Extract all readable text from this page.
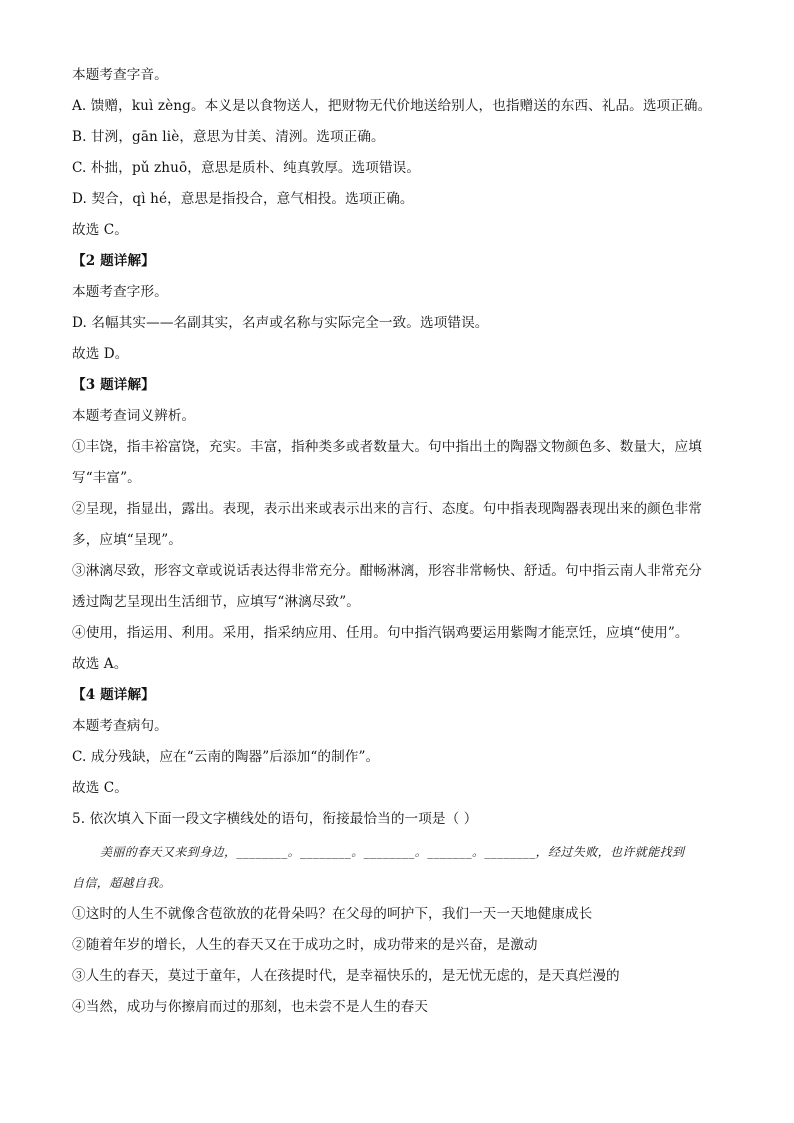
本题考查字音。
A. 馈赠，kuì zèng。本义是以食物送人，把财物无代价地送给别人，也指赠送的东西、礼品。选项正确。
B. 甘洌，gān liè，意思为甘美、清洌。选项正确。
C. 朴拙，pǔ zhuō，意思是质朴、纯真敦厚。选项错误。
D. 契合，qì hé，意思是指投合，意气相投。选项正确。
故选 C。
【2 题详解】
本题考查字形。
D. 名幅其实——名副其实，名声或名称与实际完全一致。选项错误。
故选 D。
【3 题详解】
本题考查词义辨析。
①丰饶，指丰裕富饶，充实。丰富，指种类多或者数量大。句中指出土的陶器文物颜色多、数量大，应填
写“丰富”。
②呈现，指显出，露出。表现，表示出来或表示出来的言行、态度。句中指表现陶器表现出来的颜色非常
多，应填“呈现”。
③淋漓尽致，形容文章或说话表达得非常充分。酣畅淋漓，形容非常畅快、舒适。句中指云南人非常充分
透过陶艺呈现出生活细节，应填写“淋漓尽致”。
④使用，指运用、利用。采用，指采纳应用、任用。句中指汽锅鸡要运用紫陶才能烹饪，应填“使用”。
故选 A。
【4 题详解】
本题考查病句。
C. 成分残缺，应在“云南的陶器”后添加“的制作”。
故选 C。
5. 依次填入下面一段文字横线处的语句，衔接最恰当的一项是（ ）
美丽的春天又来到身边，________。________。________。_______。________，经过失败，也许就能找到
自信，超越自我。
①这时的人生不就像含苞欲放的花骨朵吗？在父母的呵护下，我们一天一天地健康成长
②随着年岁的增长，人生的春天又在于成功之时，成功带来的是兴奋，是激动
③人生的春天，莫过于童年，人在孩提时代，是幸福快乐的，是无忧无虑的，是天真烂漫的
④当然，成功与你擦肩而过的那刻，也未尝不是人生的春天
